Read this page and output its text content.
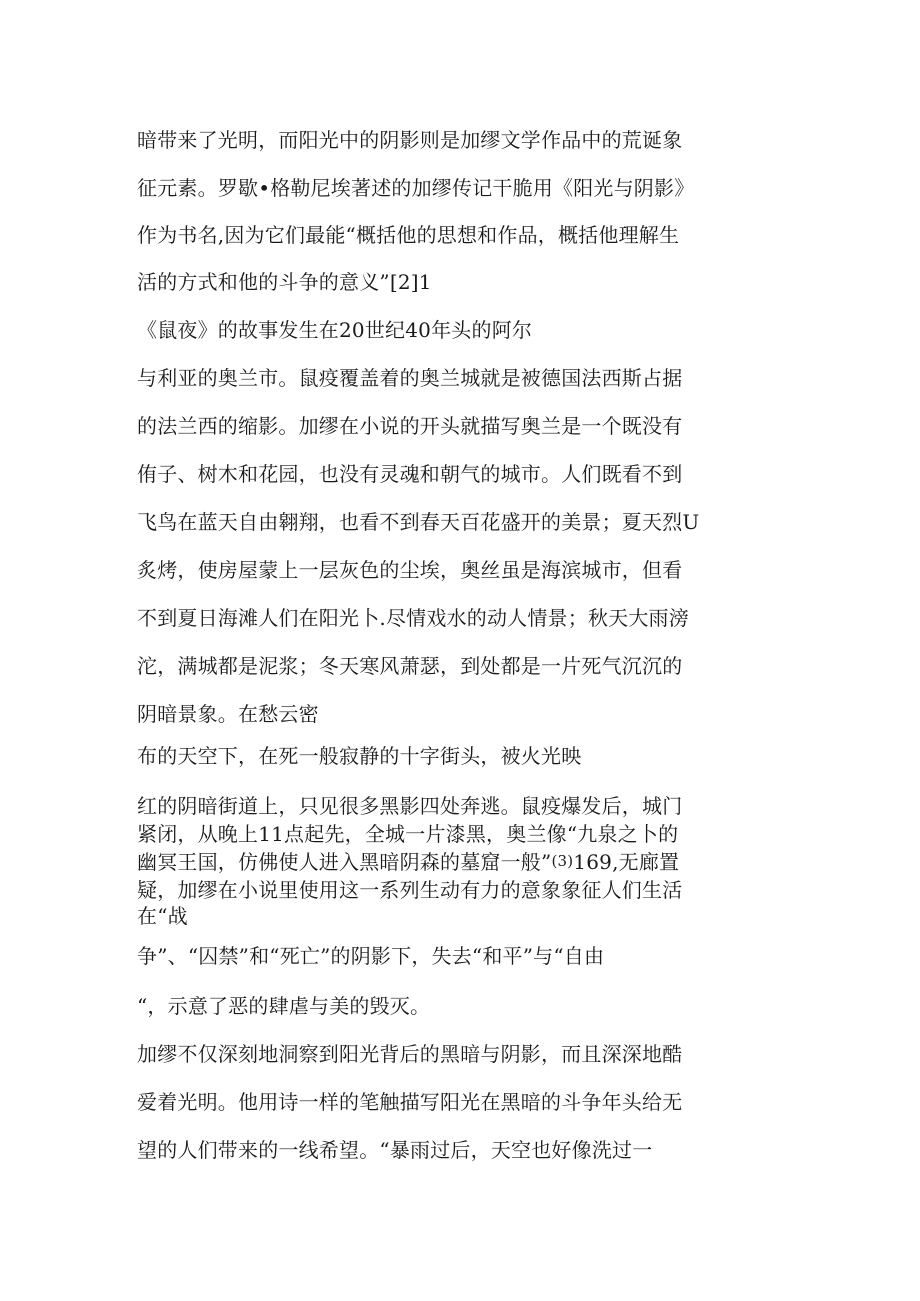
暗带来了光明，而阳光中的阴影则是加缪文学作品中的荒诞象
征元素。罗歇•格勒尼埃著述的加缪传记干脆用《阳光与阴影》
作为书名,因为它们最能“概括他的思想和作品，概括他理解生
活的方式和他的斗争的意义”[2]1
《鼠夜》的故事发生在20世纪40年头的阿尔
与利亚的奥兰市。鼠疫覆盖着的奥兰城就是被德国法西斯占据
的法兰西的缩影。加缪在小说的开头就描写奥兰是一个既没有
侑子、树木和花园，也没有灵魂和朝气的城市。人们既看不到
飞鸟在蓝天自由翱翔，也看不到春天百花盛开的美景；夏天烈U
炙烤，使房屋蒙上一层灰色的尘埃，奥丝虽是海滨城市，但看
不到夏日海滩人们在阳光卜.尽情戏水的动人情景；秋天大雨滂
沱，满城都是泥浆；冬天寒风萧瑟，到处都是一片死气沉沉的
阴暗景象。在愁云密
布的天空下，在死一般寂静的十字街头，被火光映
红的阴暗街道上，只见很多黑影四处奔逃。鼠疫爆发后，城门
紧闭，从晚上11点起先，全城一片漆黑，奥兰像“九泉之卜的
幽冥王国，仿佛使人进入黑暗阴森的墓窟一般”(3)169,无廊置
疑，加缪在小说里使用这一系列生动有力的意象象征人们生活
在“战
争”、“囚禁”和“死亡”的阴影下，失去“和平”与“自由
“，示意了恶的肆虐与美的毁灭。
加缪不仅深刻地洞察到阳光背后的黑暗与阴影，而且深深地酷
爱着光明。他用诗一样的笔触描写阳光在黑暗的斗争年头给无
望的人们带来的一线希望。“暴雨过后，天空也好像洗过一
